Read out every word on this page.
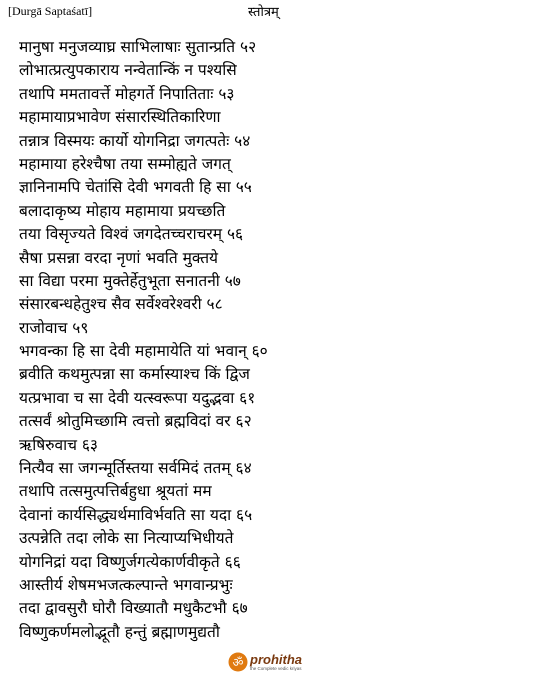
[Durgā Saptaśatī]	स्तोत्रम्
मानुषा मनुजव्याघ्र साभिलाषाः सुतान्प्रति ५२
लोभात्प्रत्युपकाराय नन्वेतान्किं न पश्यसि
तथापि ममतावर्त्ते मोहगर्ते निपातिताः ५३
महामायाप्रभावेण संसारस्थितिकारिणा
तन्नात्र विस्मयः कार्यो योगनिद्रा जगत्पतेः ५४
महामाया हरेश्चैषा तया सम्मोह्यते जगत्
ज्ञानिनामपि चेतांसि देवी भगवती हि सा ५५
बलादाकृष्य मोहाय महामाया प्रयच्छति
तया विसृज्यते विश्वं जगदेतच्चराचरम् ५६
सैषा प्रसन्ना वरदा नृणां भवति मुक्तये
सा विद्या परमा मुक्तेर्हेतुभूता सनातनी ५७
संसारबन्धहेतुश्च सैव सर्वेश्वरेश्वरी ५८
राजोवाच ५९
भगवन्का हि सा देवी महामायेति यां भवान् ६०
ब्रवीति कथमुत्पन्ना सा कर्मास्याश्च किं द्विज
यत्प्रभावा च सा देवी यत्स्वरूपा यदुद्भवा ६१
तत्सर्वं श्रोतुमिच्छामि त्वत्तो ब्रह्मविदां वर ६२
ऋषिरुवाच ६३
नित्यैव सा जगन्मूर्तिस्तया सर्वमिदं ततम् ६४
तथापि तत्समुत्पत्तिर्बहुधा श्रूयतां मम
देवानां कार्यसिद्ध्यर्थमाविर्भवति सा यदा ६५
उत्पन्नेति तदा लोके सा नित्याप्यभिधीयते
योगनिद्रां यदा विष्णुर्जगत्येकार्णवीकृते ६६
आस्तीर्य शेषमभजत्कल्पान्ते भगवान्प्रभुः
तदा द्वावसुरौ घोरौ विख्यातौ मधुकैटभौ ६७
विष्णुकर्णमलोद्भूतौ हन्तुं ब्रह्माणमुद्यतौ
ॐ prohitha
the Complete vedic kriyas
